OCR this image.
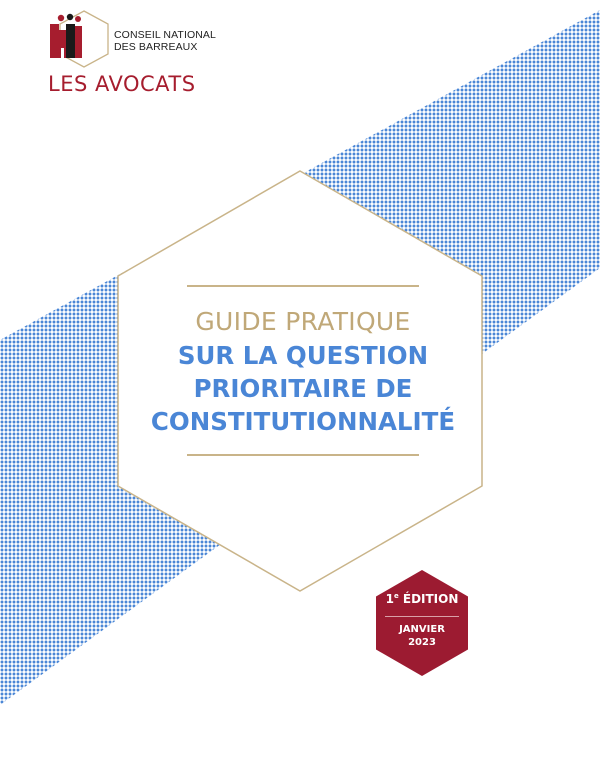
CONSEIL NATIONAL
DES BARREAUX
LES AVOCATS
GUIDE PRATIQUE
SUR LA QUESTION
PRIORITAIRE DE
CONSTITUTIONNALITÉ
1e ÉDITION
JANVIER
2023
